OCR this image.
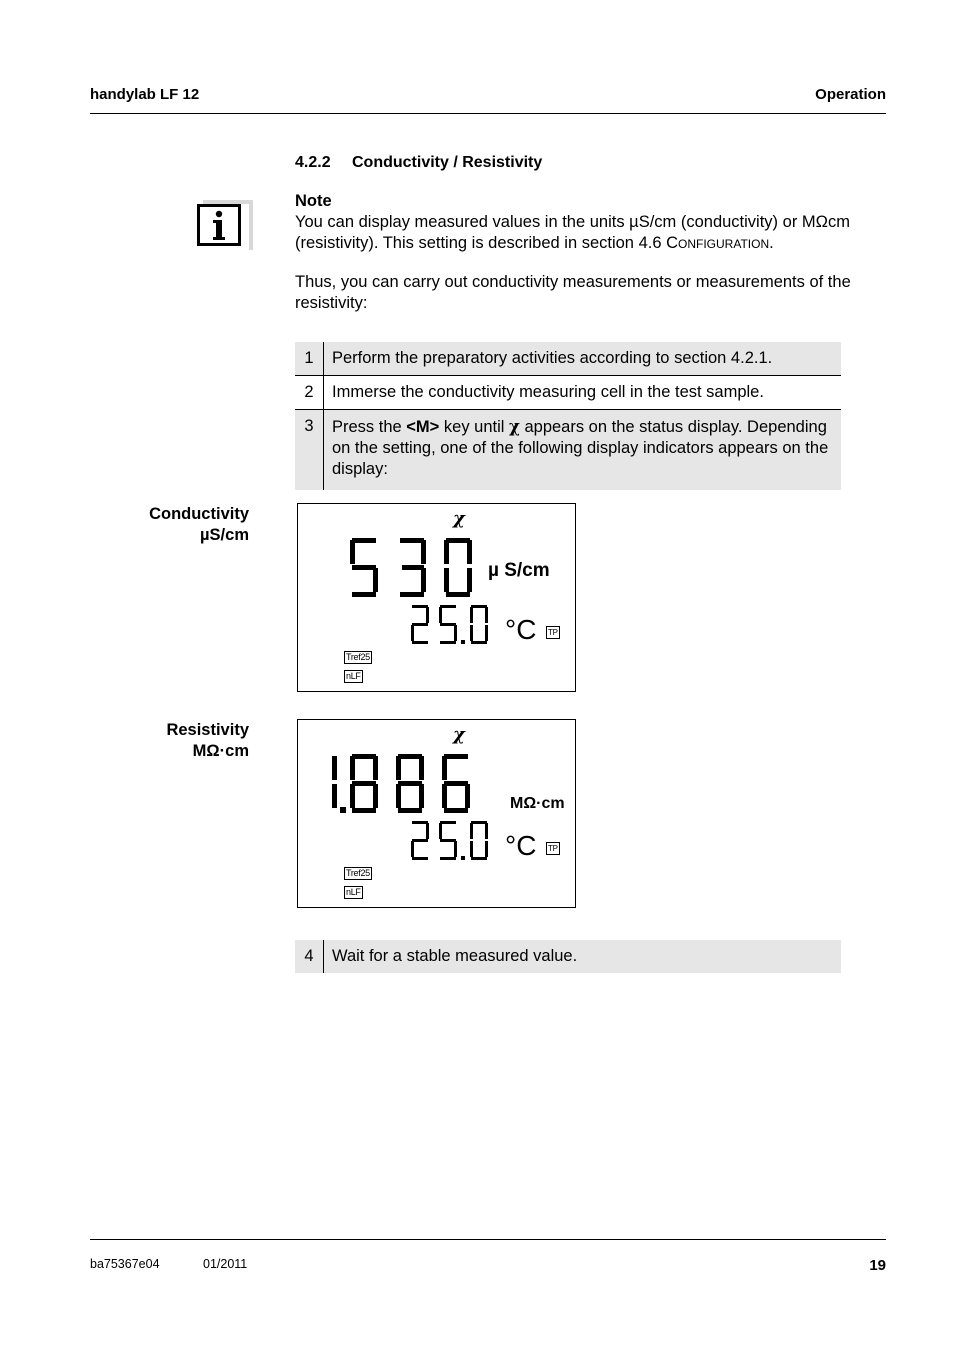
handylab LF 12	Operation
4.2.2 Conductivity / Resistivity
Note
You can display measured values in the units µS/cm (conductivity) or MΩcm (resistivity). This setting is described in section 4.6 Configuration.
Thus, you can carry out conductivity measurements or measurements of the resistivity:
1	Perform the preparatory activities according to section 4.2.1.
2	Immerse the conductivity measuring cell in the test sample.
3	Press the <M> key until χ appears on the status display. Depending on the setting, one of the following display indicators appears on the display:
Conductivity
µS/cm
χ
µ S/cm
°C TP
Tref25
nLF
Resistivity
MΩ·cm
χ
MΩ·cm
°C TP
Tref25
nLF
4	Wait for a stable measured value.
ba75367e04	01/2011	19
